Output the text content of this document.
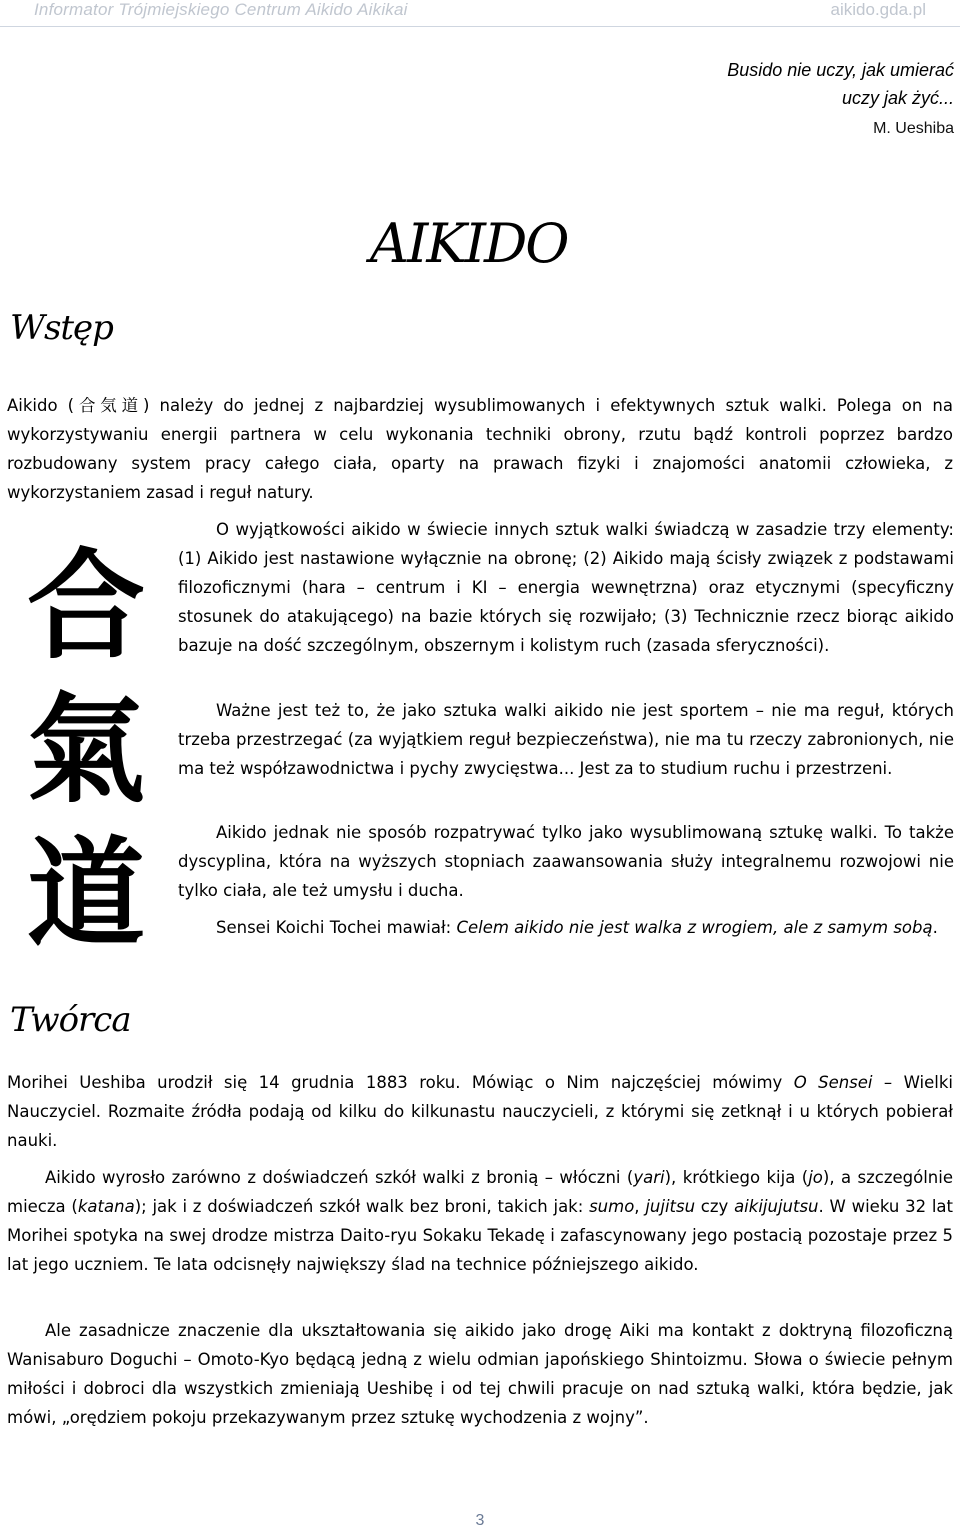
Informator Trójmiejskiego Centrum Aikido Aikikai	aikido.gda.pl
Busido nie uczy, jak umierać
uczy jak żyć...
M. Ueshiba
AIKIDO
Wstęp

Aikido (合気道) należy do jednej z najbardziej wysublimowanych i efektywnych sztuk walki. Polega on na wykorzystywaniu energii partnera w celu wykonania techniki obrony, rzutu bądź kontroli poprzez bardzo rozbudowany system pracy całego ciała, oparty na prawach fizyki i znajomości anatomii człowieka, z wykorzystaniem zasad i reguł natury.

合
氣
道

O wyjątkowości aikido w świecie innych sztuk walki świadczą w zasadzie trzy elementy: (1) Aikido jest nastawione wyłącznie na obronę; (2) Aikido mają ścisły związek z podstawami filozoficznymi (hara – centrum i KI – energia wewnętrzna) oraz etycznymi (specyficzny stosunek do atakującego) na bazie których się rozwijało; (3) Technicznie rzecz biorąc aikido bazuje na dość szczególnym, obszernym i kolistym ruch (zasada sferyczności).

Ważne jest też to, że jako sztuka walki aikido nie jest sportem – nie ma reguł, których trzeba przestrzegać (za wyjątkiem reguł bezpieczeństwa), nie ma tu rzeczy zabronionych, nie ma też współzawodnictwa i pychy zwycięstwa... Jest za to studium ruchu i przestrzeni.

Aikido jednak nie sposób rozpatrywać tylko jako wysublimowaną sztukę walki. To także dyscyplina, która na wyższych stopniach zaawansowania służy integralnemu rozwojowi nie tylko ciała, ale też umysłu i ducha.

Sensei Koichi Tochei mawiał: Celem aikido nie jest walka z wrogiem, ale z samym sobą.

Twórca

Morihei Ueshiba urodził się 14 grudnia 1883 roku. Mówiąc o Nim najczęściej mówimy O Sensei – Wielki Nauczyciel. Rozmaite źródła podają od kilku do kilkunastu nauczycieli, z którymi się zetknął i u których pobierał nauki.

Aikido wyrosło zarówno z doświadczeń szkół walki z bronią – włóczni (yari), krótkiego kija (jo), a szczególnie miecza (katana); jak i z doświadczeń szkół walk bez broni, takich jak: sumo, jujitsu czy aikijujutsu. W wieku 32 lat Morihei spotyka na swej drodze mistrza Daito-ryu Sokaku Tekadę i zafascynowany jego postacią pozostaje przez 5 lat jego uczniem. Te lata odcisnęły największy ślad na technice późniejszego aikido.

Ale zasadnicze znaczenie dla ukształtowania się aikido jako drogę Aiki ma kontakt z doktryną filozoficzną Wanisaburo Doguchi – Omoto-Kyo będącą jedną z wielu odmian japońskiego Shintoizmu. Słowa o świecie pełnym miłości i dobroci dla wszystkich zmieniają Ueshibę i od tej chwili pracuje on nad sztuką walki, która będzie, jak mówi, „orędziem pokoju przekazywanym przez sztukę wychodzenia z wojny”.

3
